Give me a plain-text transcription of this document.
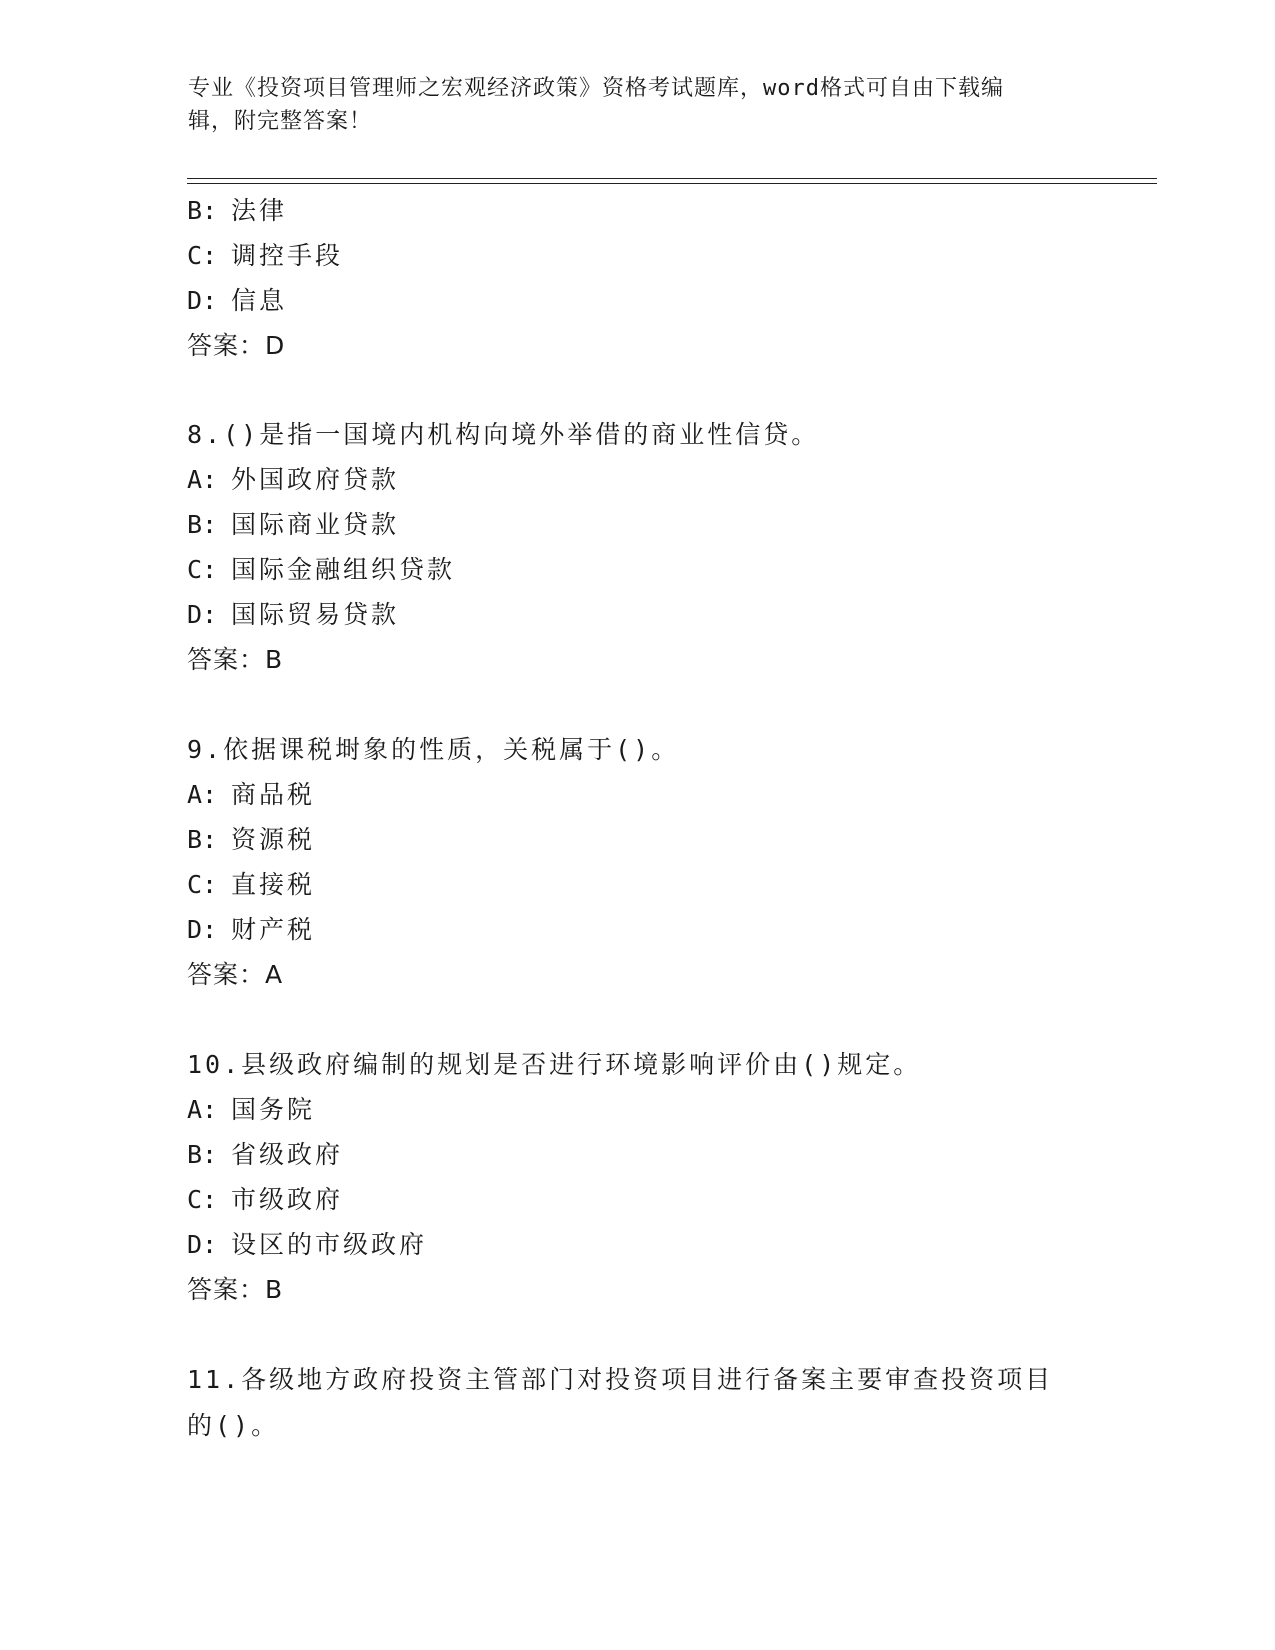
专业《投资项目管理师之宏观经济政策》资格考试题库，word格式可自由下载编
辑，附完整答案！
B: 法律
C: 调控手段
D: 信息
答案：D
8.()是指一国境内机构向境外举借的商业性信贷。
A: 外国政府贷款
B: 国际商业贷款
C: 国际金融组织贷款
D: 国际贸易贷款
答案：B
9.依据课税埘象的性质，关税属于()。
A: 商品税
B: 资源税
C: 直接税
D: 财产税
答案：A
10.县级政府编制的规划是否进行环境影响评价由()规定。
A: 国务院
B: 省级政府
C: 市级政府
D: 设区的市级政府
答案：B
11.各级地方政府投资主管部门对投资项目进行备案主要审查投资项目
的()。
